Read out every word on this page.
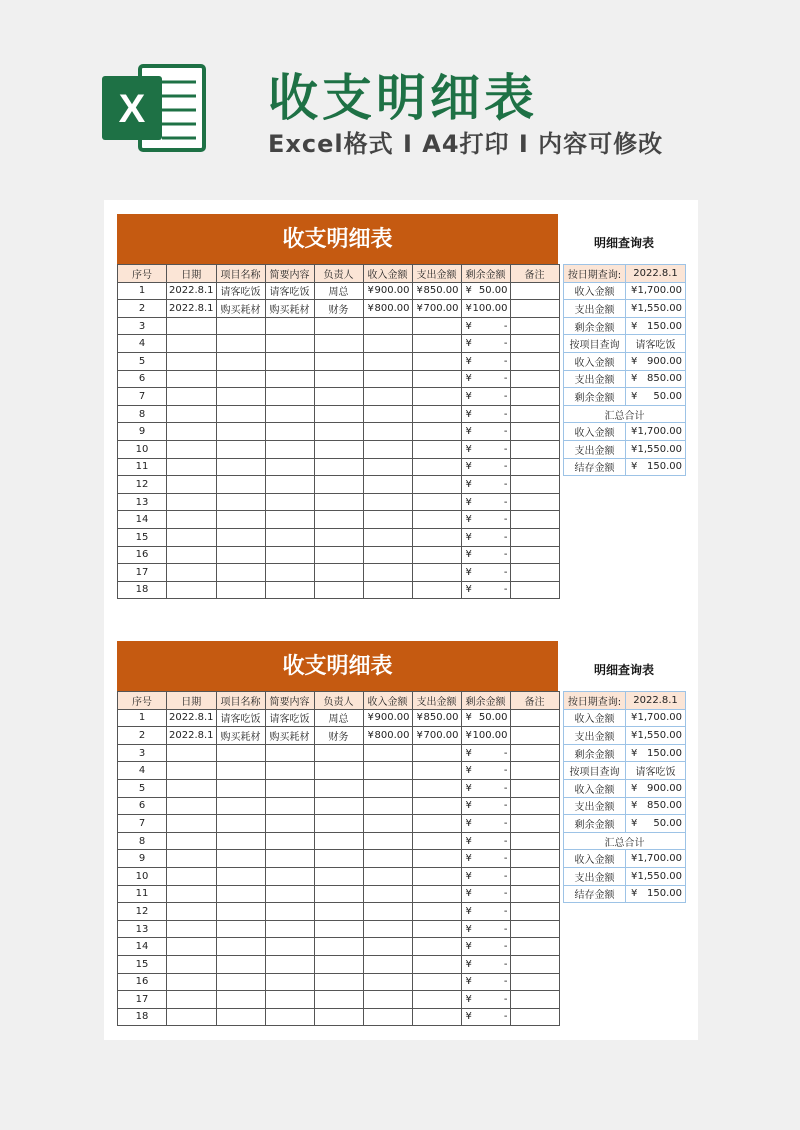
X 收支明细表
Excel格式 I A4打印 I 内容可修改
收支明细表
序号	日期	项目名称	简要内容	负责人	收入金额	支出金额	剩余金额	备注
1	2022.8.1	请客吃饭	请客吃饭	周总	¥ 900.00	¥ 850.00	¥ 50.00	
2	2022.8.1	购买耗材	购买耗材	财务	¥ 800.00	¥ 700.00	¥ 100.00	
3							¥ -	
4							¥ -	
5							¥ -	
6							¥ -	
7							¥ -	
8							¥ -	
9							¥ -	
10							¥ -	
11							¥ -	
12							¥ -	
13							¥ -	
14							¥ -	
15							¥ -	
16							¥ -	
17							¥ -	
18							¥ -	
明细查询表
按日期查询:	2022.8.1
收入金额	¥ 1,700.00
支出金额	¥ 1,550.00
剩余金额	¥ 150.00
按项目查询	请客吃饭
收入金额	¥ 900.00
支出金额	¥ 850.00
剩余金额	¥ 50.00
汇总合计	
收入金额	¥ 1,700.00
支出金额	¥ 1,550.00
结存金额	¥ 150.00
收支明细表
序号	日期	项目名称	简要内容	负责人	收入金额	支出金额	剩余金额	备注
1	2022.8.1	请客吃饭	请客吃饭	周总	¥ 900.00	¥ 850.00	¥ 50.00	
2	2022.8.1	购买耗材	购买耗材	财务	¥ 800.00	¥ 700.00	¥ 100.00	
3							¥ -	
4							¥ -	
5							¥ -	
6							¥ -	
7							¥ -	
8							¥ -	
9							¥ -	
10							¥ -	
11							¥ -	
12							¥ -	
13							¥ -	
14							¥ -	
15							¥ -	
16							¥ -	
17							¥ -	
18							¥ -	
明细查询表
按日期查询:	2022.8.1
收入金额	¥ 1,700.00
支出金额	¥ 1,550.00
剩余金额	¥ 150.00
按项目查询	请客吃饭
收入金额	¥ 900.00
支出金额	¥ 850.00
剩余金额	¥ 50.00
汇总合计	
收入金额	¥ 1,700.00
支出金额	¥ 1,550.00
结存金额	¥ 150.00
